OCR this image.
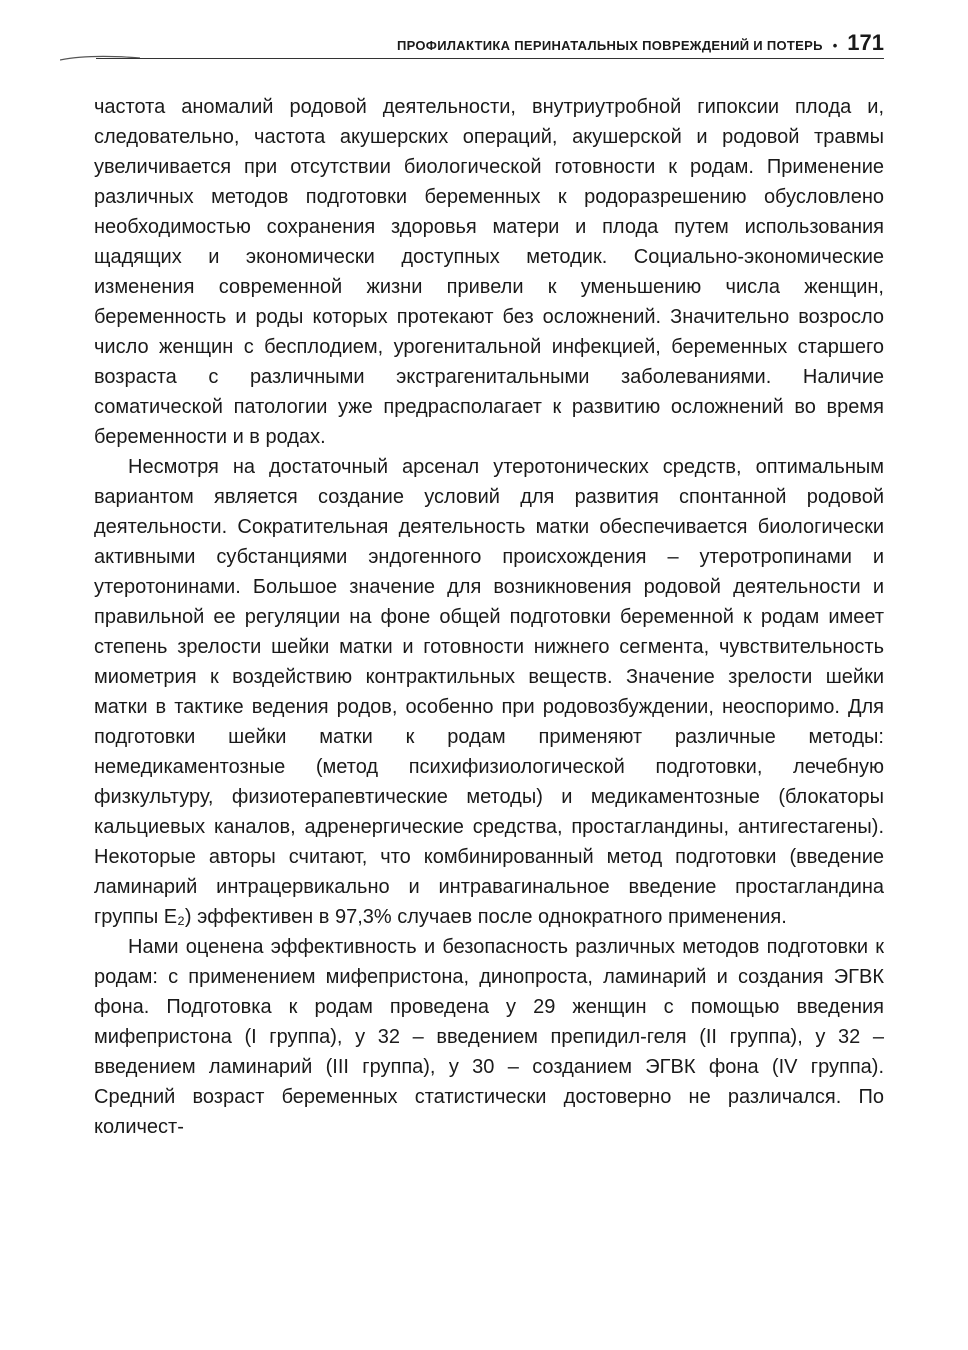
ПРОФИЛАКТИКА ПЕРИНАТАЛЬНЫХ ПОВРЕЖДЕНИЙ И ПОТЕРЬ • 171

частота аномалий родовой деятельности, внутриутробной гипоксии плода и, следовательно, частота акушерских операций, акушерской и родовой травмы увеличивается при отсутствии биологической готовности к родам. Применение различных методов подготовки беременных к родоразрешению обусловлено необходимостью сохранения здоровья матери и плода путем использования щадящих и экономически доступных методик. Социально-экономические изменения современной жизни привели к уменьшению числа женщин, беременность и роды которых протекают без осложнений. Значительно возросло число женщин с бесплодием, урогенитальной инфекцией, беременных старшего возраста с различными экстрагенитальными заболеваниями. Наличие соматической патологии уже предрасполагает к развитию осложнений во время беременности и в родах.

Несмотря на достаточный арсенал утеротонических средств, оптимальным вариантом является создание условий для развития спонтанной родовой деятельности. Сократительная деятельность матки обеспечивается биологически активными субстанциями эндогенного происхождения – утеротропинами и утеротонинами. Большое значение для возникновения родовой деятельности и правильной ее регуляции на фоне общей подготовки беременной к родам имеет степень зрелости шейки матки и готовности нижнего сегмента, чувствительность миометрия к воздействию контрактильных веществ. Значение зрелости шейки матки в тактике ведения родов, особенно при родовозбуждении, неоспоримо. Для подготовки шейки матки к родам применяют различные методы: немедикаментозные (метод психифизиологической подготовки, лечебную физкультуру, физиотерапевтические методы) и медикаментозные (блокаторы кальциевых каналов, адренергические средства, простагландины, антигестагены). Некоторые авторы считают, что комбинированный метод подготовки (введение ламинарий интрацервикально и интравагинальное введение простагландина группы E₂) эффективен в 97,3% случаев после однократного применения.

Нами оценена эффективность и безопасность различных методов подготовки к родам: с применением мифепристона, динопроста, ламинарий и создания ЭГВК фона. Подготовка к родам проведена у 29 женщин с помощью введения мифепристона (I группа), у 32 – введением препидил-геля (II группа), у 32 – введением ламинарий (III группа), у 30 – созданием ЭГВК фона (IV группа). Средний возраст беременных статистически достоверно не различался. По количест-
